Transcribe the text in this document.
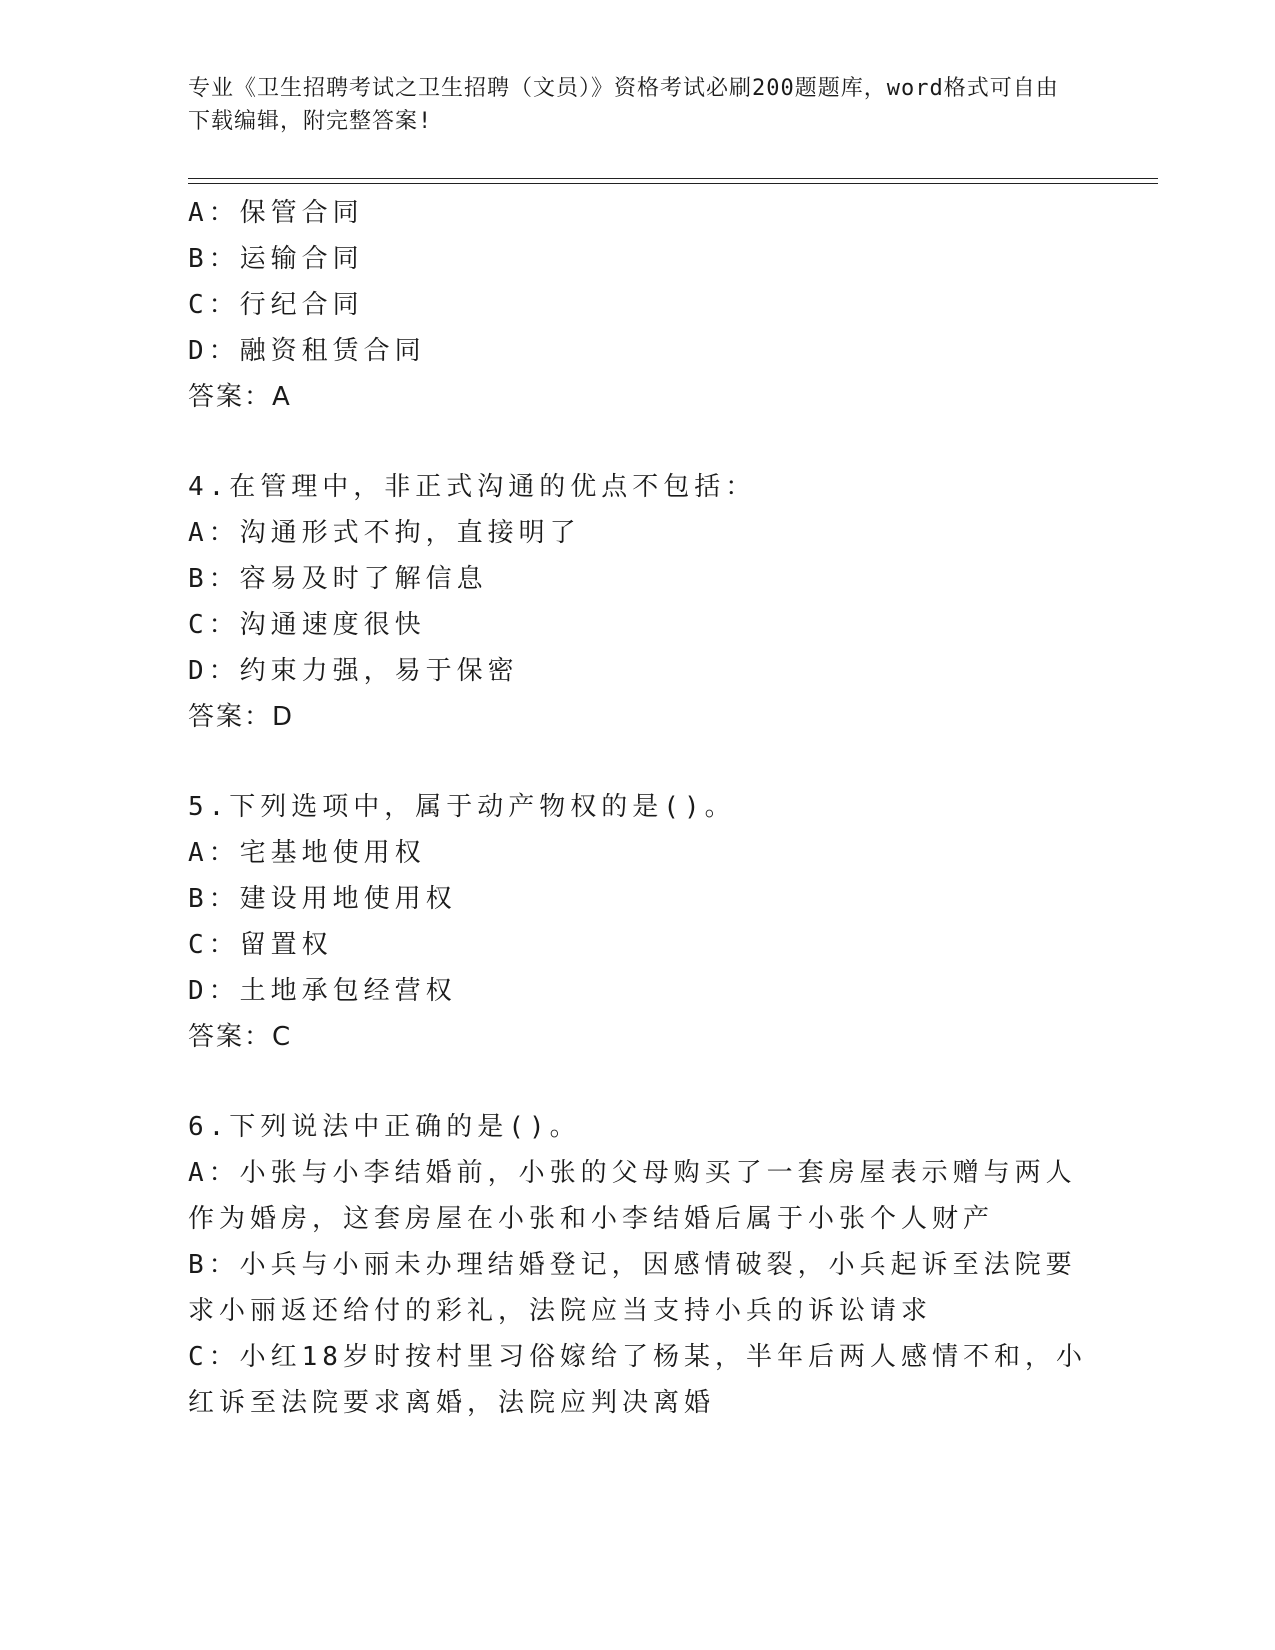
专业《卫生招聘考试之卫生招聘（文员）》资格考试必刷200题题库，word格式可自由下载编辑，附完整答案!
A：保管合同
B：运输合同
C：行纪合同
D：融资租赁合同
答案：A
4.在管理中，非正式沟通的优点不包括：
A：沟通形式不拘，直接明了
B：容易及时了解信息
C：沟通速度很快
D：约束力强，易于保密
答案：D
5.下列选项中，属于动产物权的是()。
A：宅基地使用权
B：建设用地使用权
C：留置权
D：土地承包经营权
答案：C
6.下列说法中正确的是()。
A：小张与小李结婚前，小张的父母购买了一套房屋表示赠与两人作为婚房，这套房屋在小张和小李结婚后属于小张个人财产
B：小兵与小丽未办理结婚登记，因感情破裂，小兵起诉至法院要求小丽返还给付的彩礼，法院应当支持小兵的诉讼请求
C：小红18岁时按村里习俗嫁给了杨某，半年后两人感情不和，小红诉至法院要求离婚，法院应判决离婚
